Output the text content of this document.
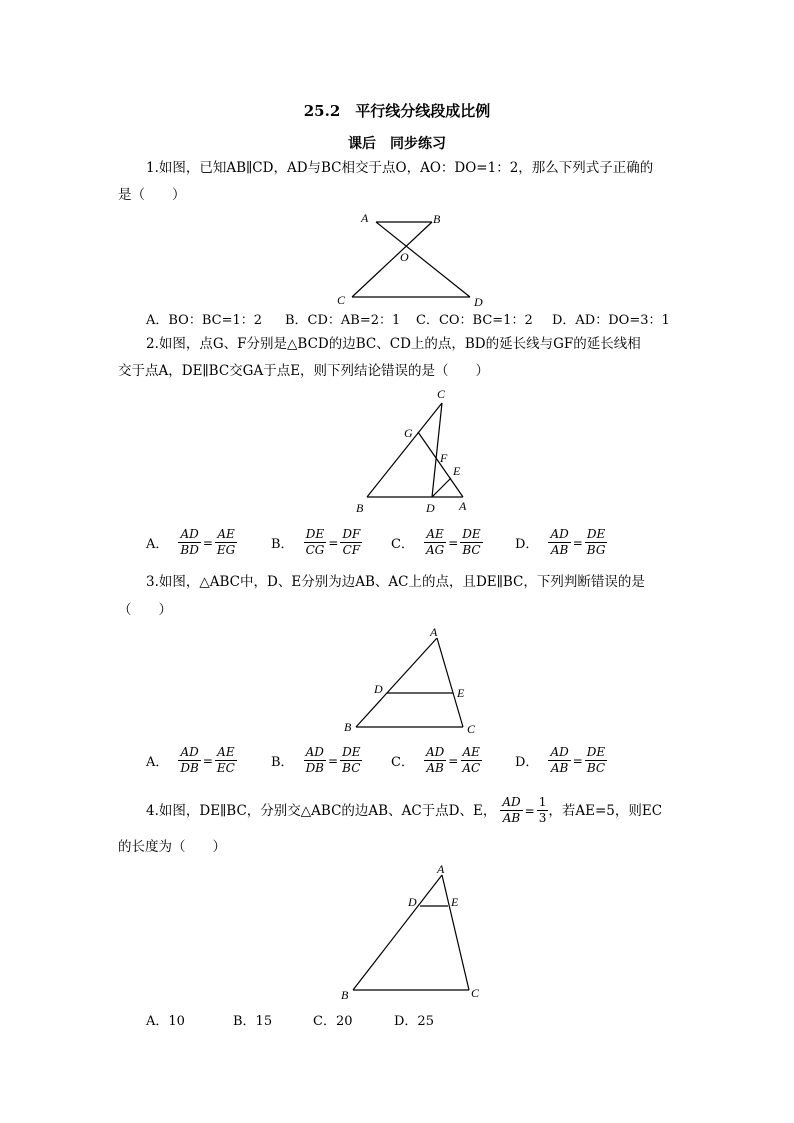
25.2　平行线分线段成比例
课后　同步练习
1.如图，已知AB∥CD，AD与BC相交于点O，AO：DO=1：2，那么下列式子正确的
是（　　）
A	B
O
C	D
A．BO：BC=1：2 B．CD：AB=2：1 C．CO：BC=1：2 D．AD：DO=3：1
2.如图，点G、F分别是△BCD的边BC、CD上的点，BD的延长线与GF的延长线相
交于点A，DE∥BC交GA于点E，则下列结论错误的是（　　）
C
G
F
E
B	D A
A． $\frac{AD}{BD} = \frac{AE}{EG}$	B． $\frac{DE}{CG} = \frac{DF}{CF}$ C． $\frac{AE}{AG} = \frac{DE}{BC}$ D． $\frac{AD}{AB} = \frac{DE}{BG}$
3.如图，△ABC中，D、E分别为边AB、AC上的点，且DE∥BC，下列判断错误的是
（　　）
A
D	E
B	C
A． $\frac{AD}{DB} = \frac{AE}{EC}$	B． $\frac{AD}{DB} = \frac{DE}{BC}$ C． $\frac{AD}{AB} = \frac{AE}{AC}$	D． $\frac{AD}{AB} = \frac{DE}{BC}$
4.如图，DE∥BC，分别交△ABC的边AB、AC于点D、E， $\frac{AD}{AB} = \frac{1}{3}$ ，若AE=5，则EC
的长度为（　　）
A
D	E
B	C
A．10	B．15	C．20	D．25
